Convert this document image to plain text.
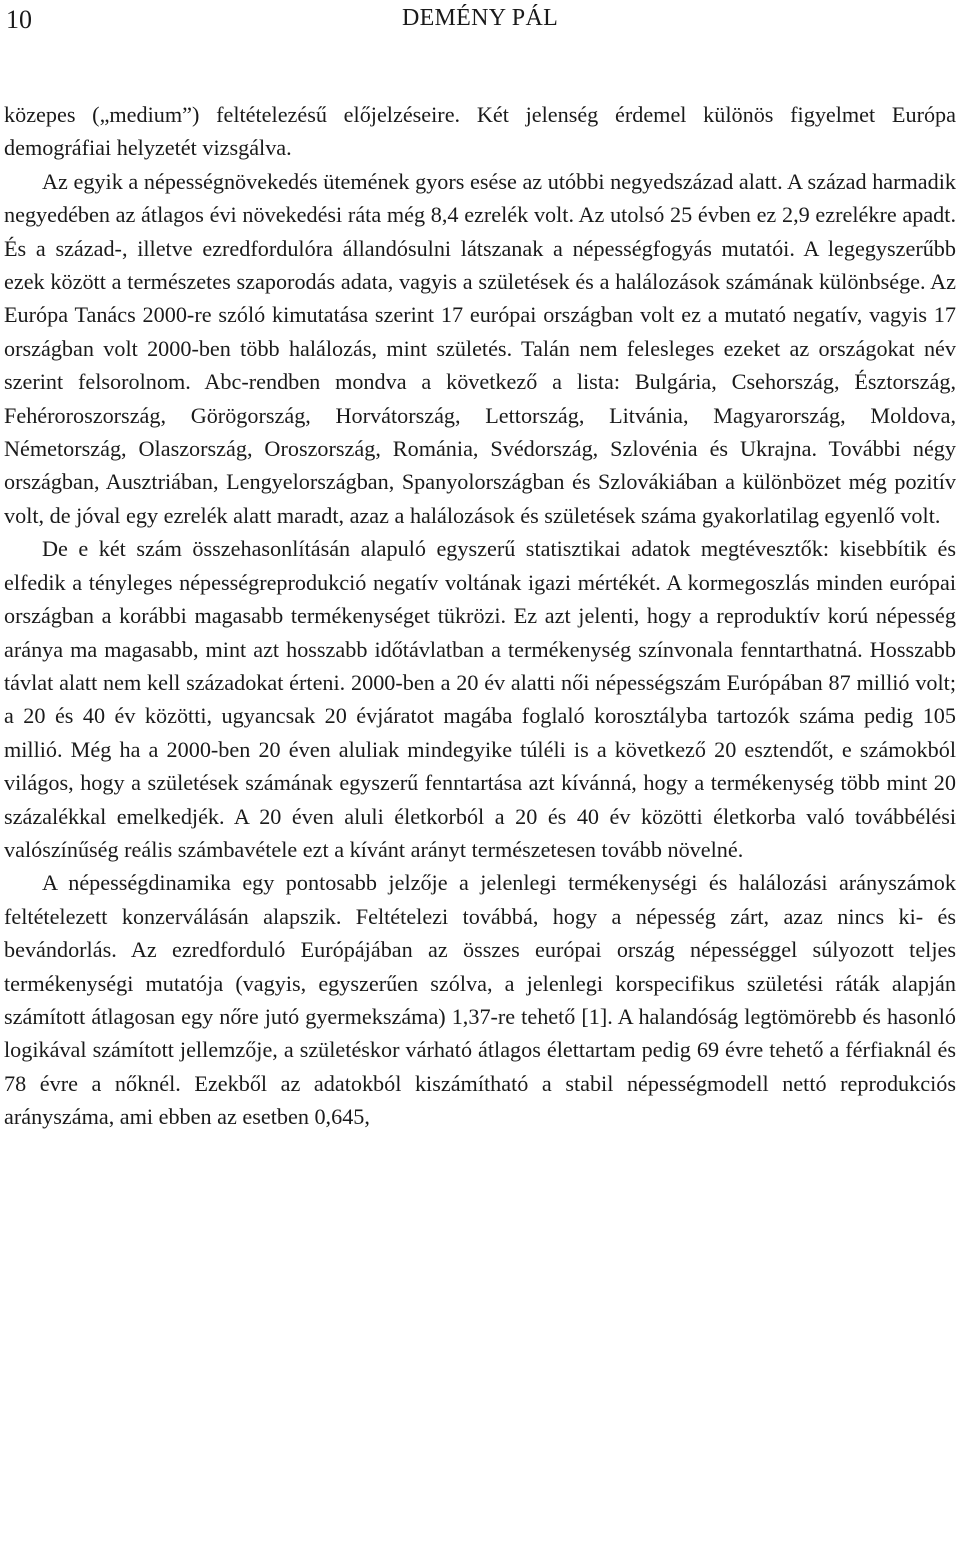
10	DEMÉNY PÁL

közepes („medium”) feltételezésű előjelzéseire. Két jelenség érdemel különös figyelmet Európa demográfiai helyzetét vizsgálva.

Az egyik a népességnövekedés ütemének gyors esése az utóbbi negyedszázad alatt. A század harmadik negyedében az átlagos évi növekedési ráta még 8,4 ezrelék volt. Az utolsó 25 évben ez 2,9 ezrelékre apadt. És a század-, illetve ezredfordulóra állandósulni látszanak a népességfogyás mutatói. A legegyszerűbb ezek között a természetes szaporodás adata, vagyis a születések és a halálozások számának különbsége. Az Európa Tanács 2000-re szóló kimutatása szerint 17 európai országban volt ez a mutató negatív, vagyis 17 országban volt 2000-ben több halálozás, mint születés. Talán nem felesleges ezeket az országokat név szerint felsorolnom. Abc-rendben mondva a következő a lista: Bulgária, Csehország, Észtország, Fehéroroszország, Görögország, Horvátország, Lettország, Litvánia, Magyarország, Moldova, Németország, Olaszország, Oroszország, Románia, Svédország, Szlovénia és Ukrajna. További négy országban, Ausztriában, Lengyelországban, Spanyolországban és Szlovákiában a különbözet még pozitív volt, de jóval egy ezrelék alatt maradt, azaz a halálozások és születések száma gyakorlatilag egyenlő volt.

De e két szám összehasonlításán alapuló egyszerű statisztikai adatok megtévesztők: kisebbítik és elfedik a tényleges népességreprodukció negatív voltának igazi mértékét. A kormegoszlás minden európai országban a korábbi magasabb termékenységet tükrözi. Ez azt jelenti, hogy a reproduktív korú népesség aránya ma magasabb, mint azt hosszabb időtávlatban a termékenység színvonala fenntarthatná. Hosszabb távlat alatt nem kell századokat érteni. 2000-ben a 20 év alatti női népességszám Európában 87 millió volt; a 20 és 40 év közötti, ugyancsak 20 évjáratot magába foglaló korosztályba tartozók száma pedig 105 millió. Még ha a 2000-ben 20 éven aluliak mindegyike túléli is a következő 20 esztendőt, e számokból világos, hogy a születések számának egyszerű fenntartása azt kívánná, hogy a termékenység több mint 20 százalékkal emelkedjék. A 20 éven aluli életkorból a 20 és 40 év közötti életkorba való továbbélési valószínűség reális számbavétele ezt a kívánt arányt természetesen tovább növelné.

A népességdinamika egy pontosabb jelzője a jelenlegi termékenységi és halálozási arányszámok feltételezett konzerválásán alapszik. Feltételezi továbbá, hogy a népesség zárt, azaz nincs ki- és bevándorlás. Az ezredforduló Európájában az összes európai ország népességgel súlyozott teljes termékenységi mutatója (vagyis, egyszerűen szólva, a jelenlegi korspecifikus születési ráták alapján számított átlagosan egy nőre jutó gyermekszáma) 1,37-re tehető [1]. A halandóság legtömörebb és hasonló logikával számított jellemzője, a születéskor várható átlagos élettartam pedig 69 évre tehető a férfiaknál és 78 évre a nőknél. Ezekből az adatokból kiszámítható a stabil népességmodell nettó reprodukciós arányszáma, ami ebben az esetben 0,645,
